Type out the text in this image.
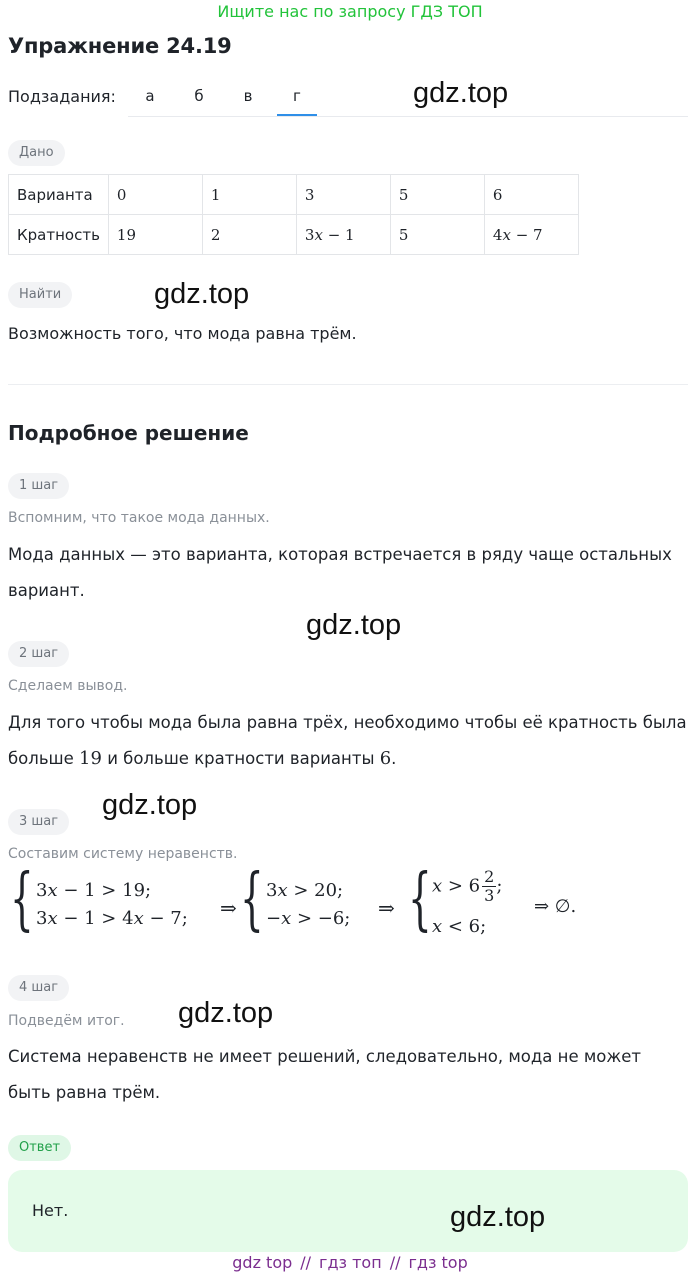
Ищите нас по запросу ГДЗ ТОП
Упражнение 24.19
Подзадания:	а	б	в	г	gdz.top
Дано
Варианта	0	1	3	5	6
Кратность	19	2	3x − 1	5	4x − 7
Найти	gdz.top
Возможность того, что мода равна трём.
Подробное решение
1 шаг
Вспомним, что такое мода данных.
Мода данных — это варианта, которая встречается в ряду чаще остальных вариант.
gdz.top
2 шаг
Сделаем вывод.
Для того чтобы мода была равна трёх, необходимо чтобы её кратность была больше 19 и больше кратности варианты 6.
gdz.top
3 шаг
Составим систему неравенств.
{ 3x − 1 > 19;
3x − 1 > 4x − 7; ⇒ { 3x > 20;
−x > −6; ⇒ { $x > 6 \frac{2}{3}$ ;
x < 6;
⇒ ∅.
4 шаг
Подведём итог. gdz.top
Система неравенств не имеет решений, следовательно, мода не может быть равна трём.
Ответ
Нет.	gdz.top
gdz top // гдз топ // гдз top
